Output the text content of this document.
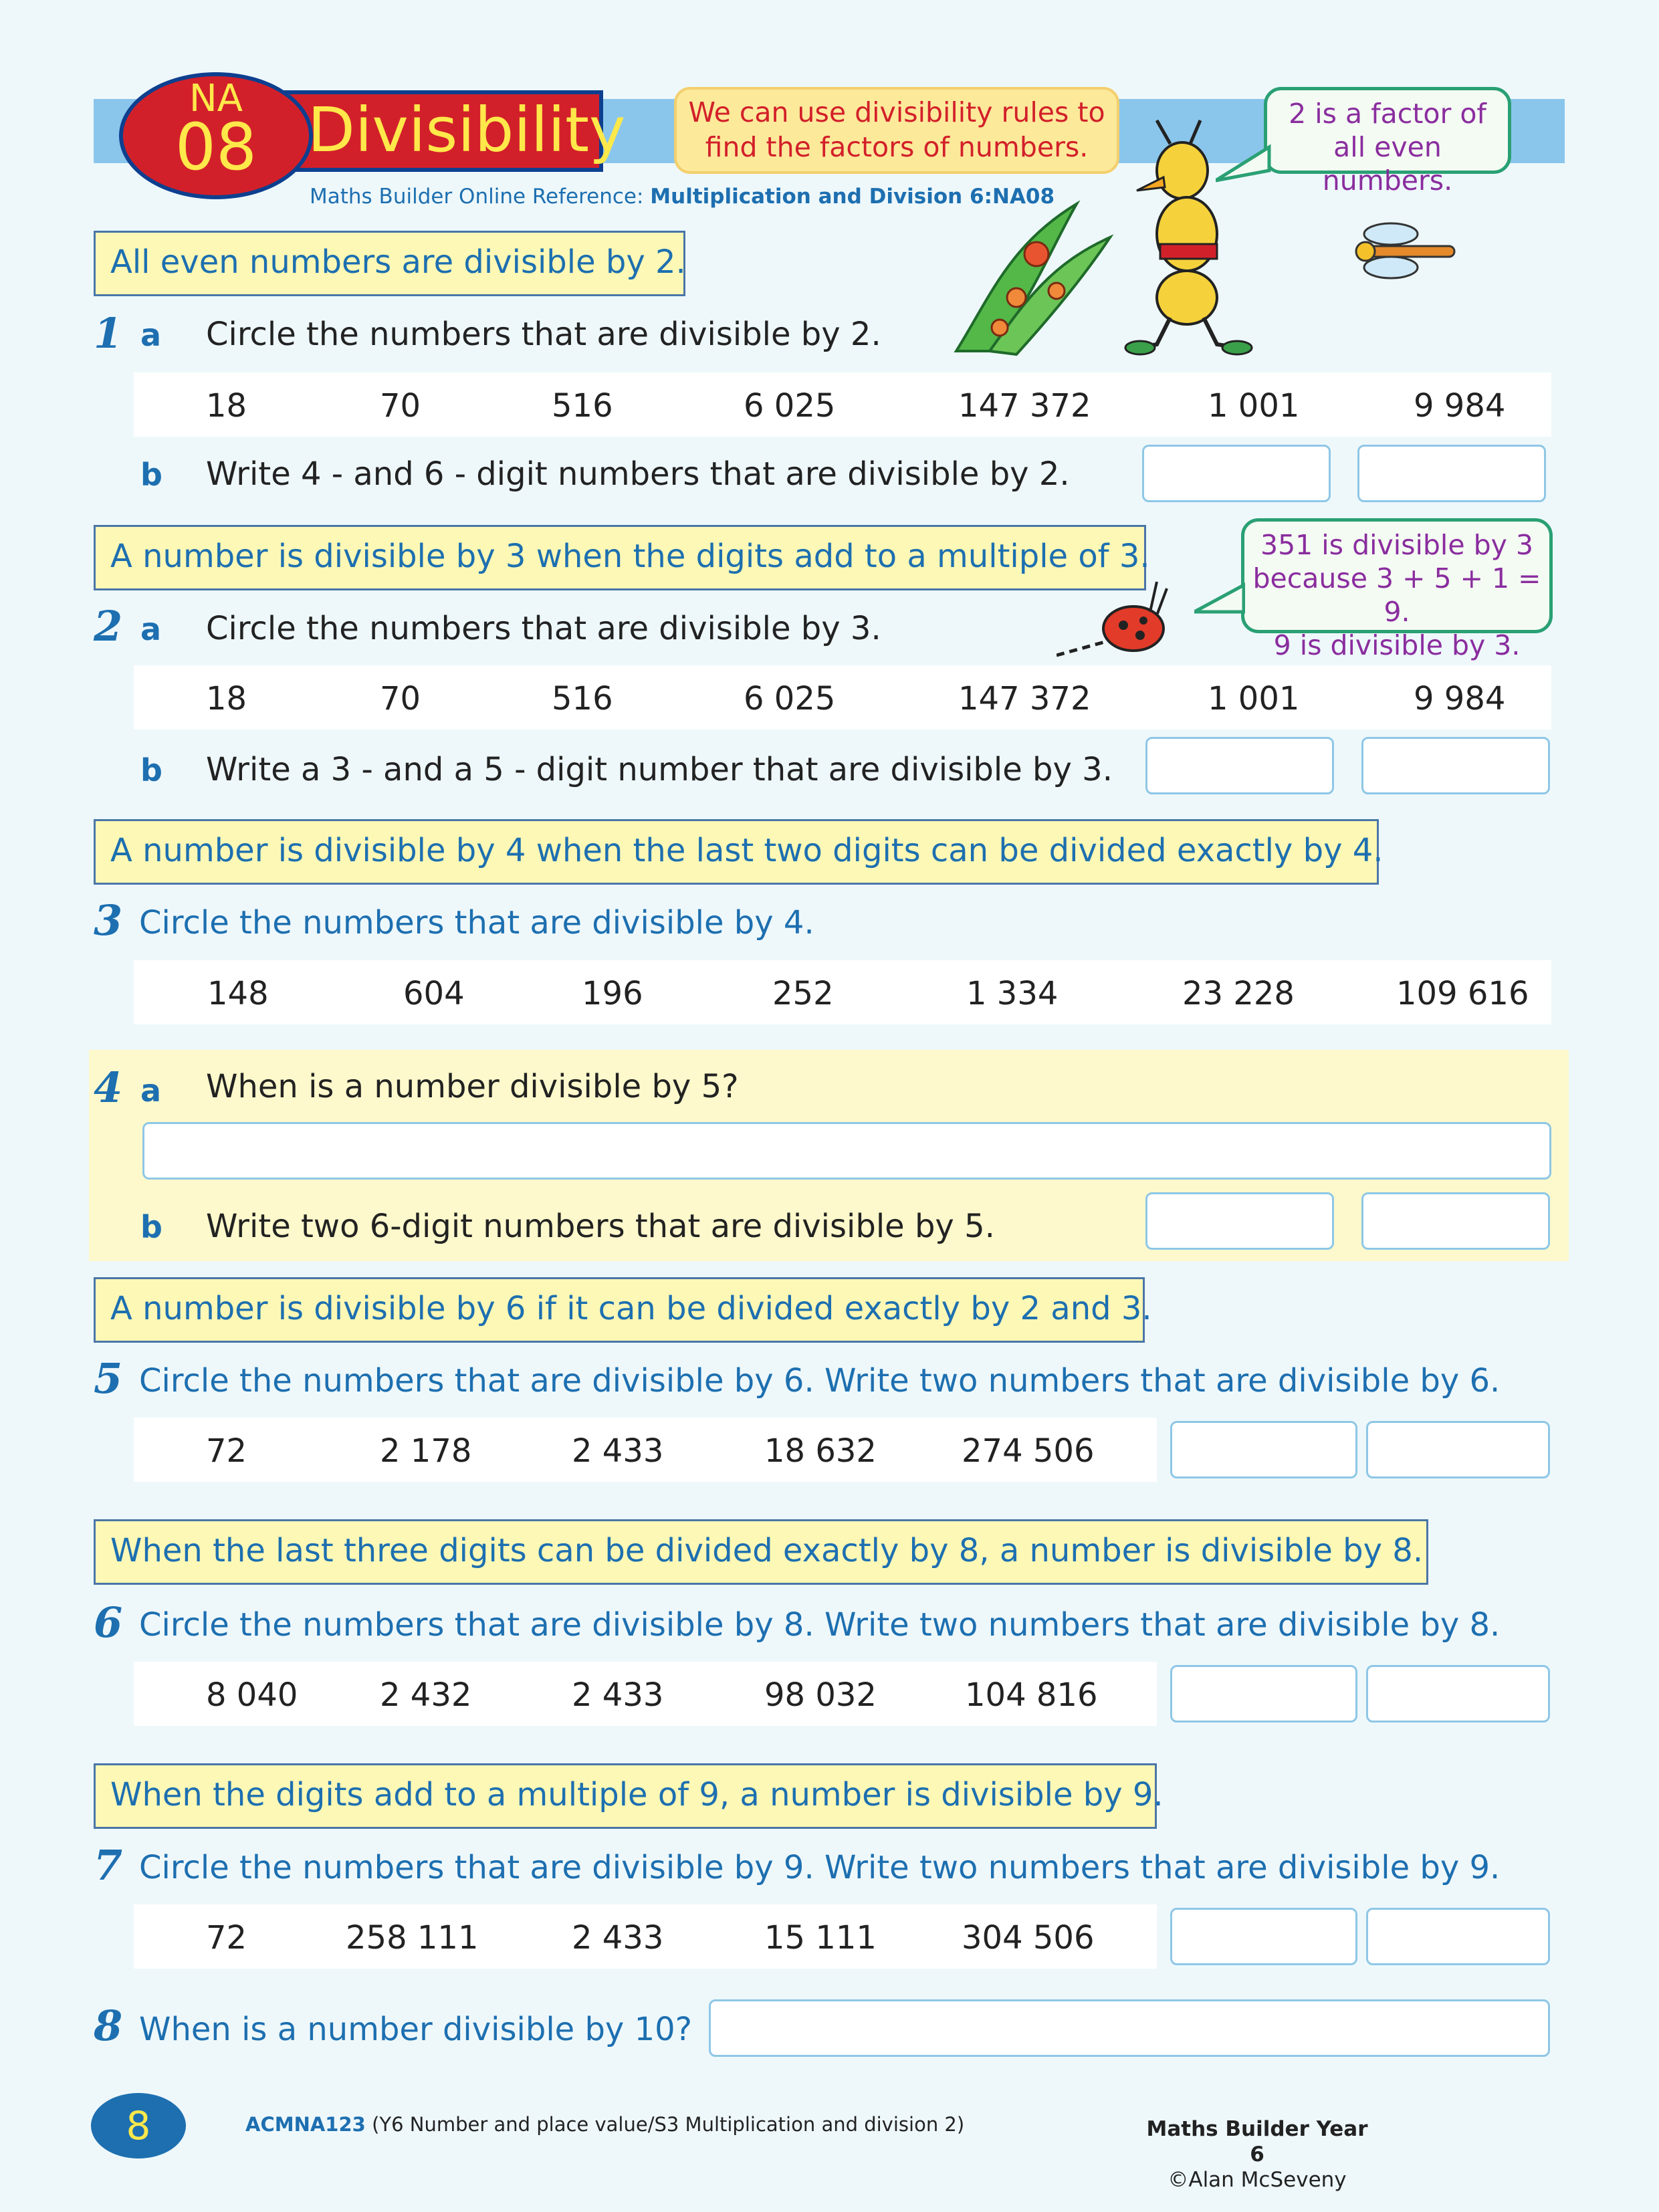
NA
08 Divisibility
Maths Builder Online Reference: Multiplication and Division 6:NA08
We can use divisibility rules to
find the factors of numbers.
2 is a factor of
all even numbers.
351 is divisible by 3
because 3 + 5 + 1 = 9.
9 is divisible by 3.
All even numbers are divisible by 2.
1 a Circle the numbers that are divisible by 2.
18	70	516	6 025	147 372	1 001	9 984
b Write 4 - and 6 - digit numbers that are divisible by 2.
A number is divisible by 3 when the digits add to a multiple of 3.
2 a Circle the numbers that are divisible by 3.
18	70	516	6 025	147 372	1 001	9 984
b Write a 3 - and a 5 - digit number that are divisible by 3.
A number is divisible by 4 when the last two digits can be divided exactly by 4.
3 Circle the numbers that are divisible by 4.
148	604	196	252	1 334	23 228	109 616
4 a When is a number divisible by 5?
b Write two 6-digit numbers that are divisible by 5.
A number is divisible by 6 if it can be divided exactly by 2 and 3.
5 Circle the numbers that are divisible by 6. Write two numbers that are divisible by 6.
72	2 178	2 433	18 632	274 506
When the last three digits can be divided exactly by 8, a number is divisible by 8.
6 Circle the numbers that are divisible by 8. Write two numbers that are divisible by 8.
8 040	2 432	2 433	98 032	104 816
When the digits add to a multiple of 9, a number is divisible by 9.
7 Circle the numbers that are divisible by 9. Write two numbers that are divisible by 9.
72	258 111	2 433	15 111	304 506
8 When is a number divisible by 10?
8	ACMNA123 (Y6 Number and place value/S3 Multiplication and division 2)	Maths Builder Year 6
©Alan McSeveny
